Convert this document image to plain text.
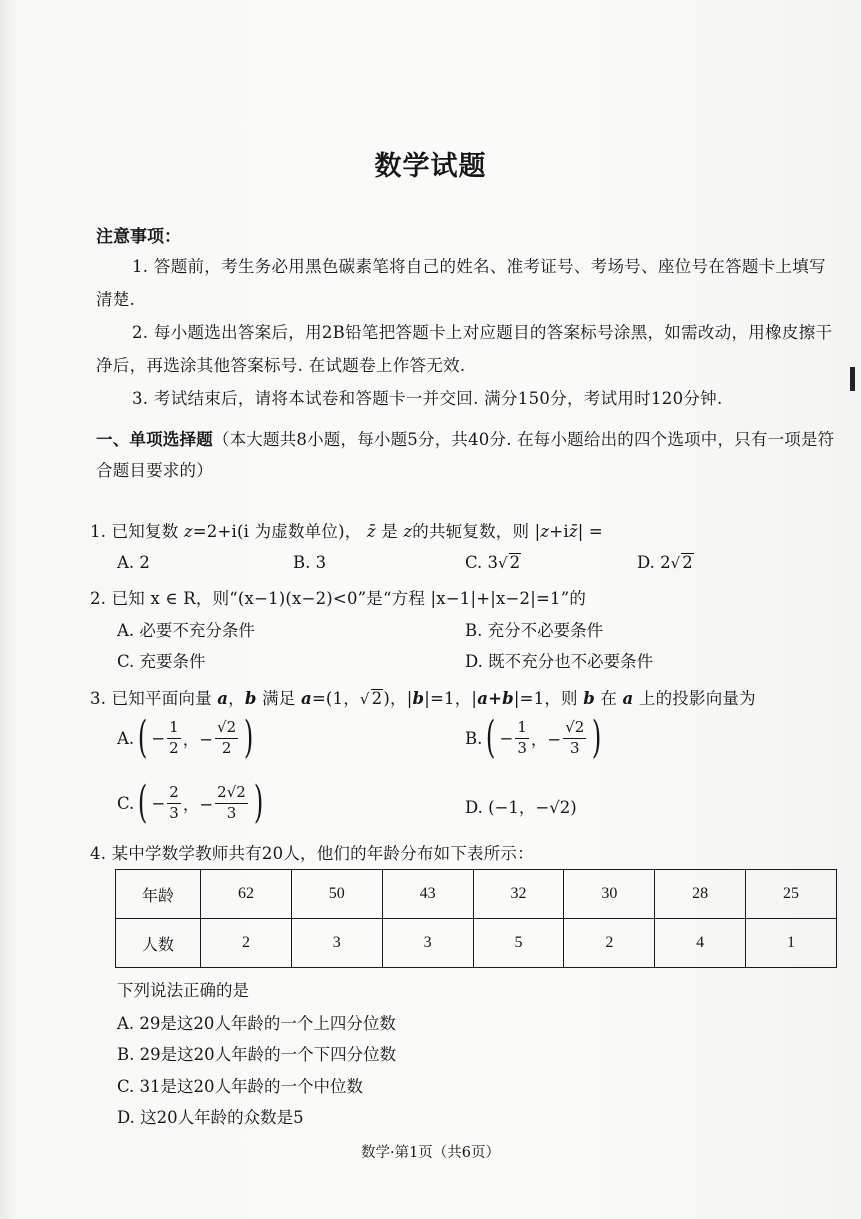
数学试题
注意事项：
1. 答题前，考生务必用黑色碳素笔将自己的姓名、准考证号、考场号、座位号在答题卡上填写清楚.
2. 每小题选出答案后，用2B铅笔把答题卡上对应题目的答案标号涂黑，如需改动，用橡皮擦干净后，再选涂其他答案标号. 在试题卷上作答无效.
3. 考试结束后，请将本试卷和答题卡一并交回. 满分150分，考试用时120分钟.
一、单项选择题（本大题共8小题，每小题5分，共40分. 在每小题给出的四个选项中，只有一项是符合题目要求的）
1. 已知复数 z=2+i(i 为虚数单位)， z̄ 是 z的共轭复数，则 |z+iz̄| =
A. 2	B. 3	C. 3√ 2	D. 2√ 2
2. 已知 x ∈ R，则“(x−1)(x−2)<0”是“方程 |x−1|+|x−2|=1”的
A. 必要不充分条件	B. 充分不必要条件
C. 充要条件	D. 既不充分也不必要条件
3. 已知平面向量 a，b 满足 a=(1，√ 2)，|b|=1，|a+b|=1，则 b 在 a 上的投影向量为
A. ( − $\frac{1}{2}$ ，− $\frac{√2}{2}$ )	B. ( − $\frac{1}{3}$ ，− $\frac{√2}{3}$ )
C. ( − $\frac{2}{3}$ ，− $\frac{2√2}{3}$ )	D. (−1，−√2)
4. 某中学数学教师共有20人，他们的年龄分布如下表所示：
年龄	62	50	43	32	30	28	25
人数	2	3	3	5	2	4	1
下列说法正确的是
A. 29是这20人年龄的一个上四分位数
B. 29是这20人年龄的一个下四分位数
C. 31是这20人年龄的一个中位数
D. 这20人年龄的众数是5
数学·第1页（共6页）
